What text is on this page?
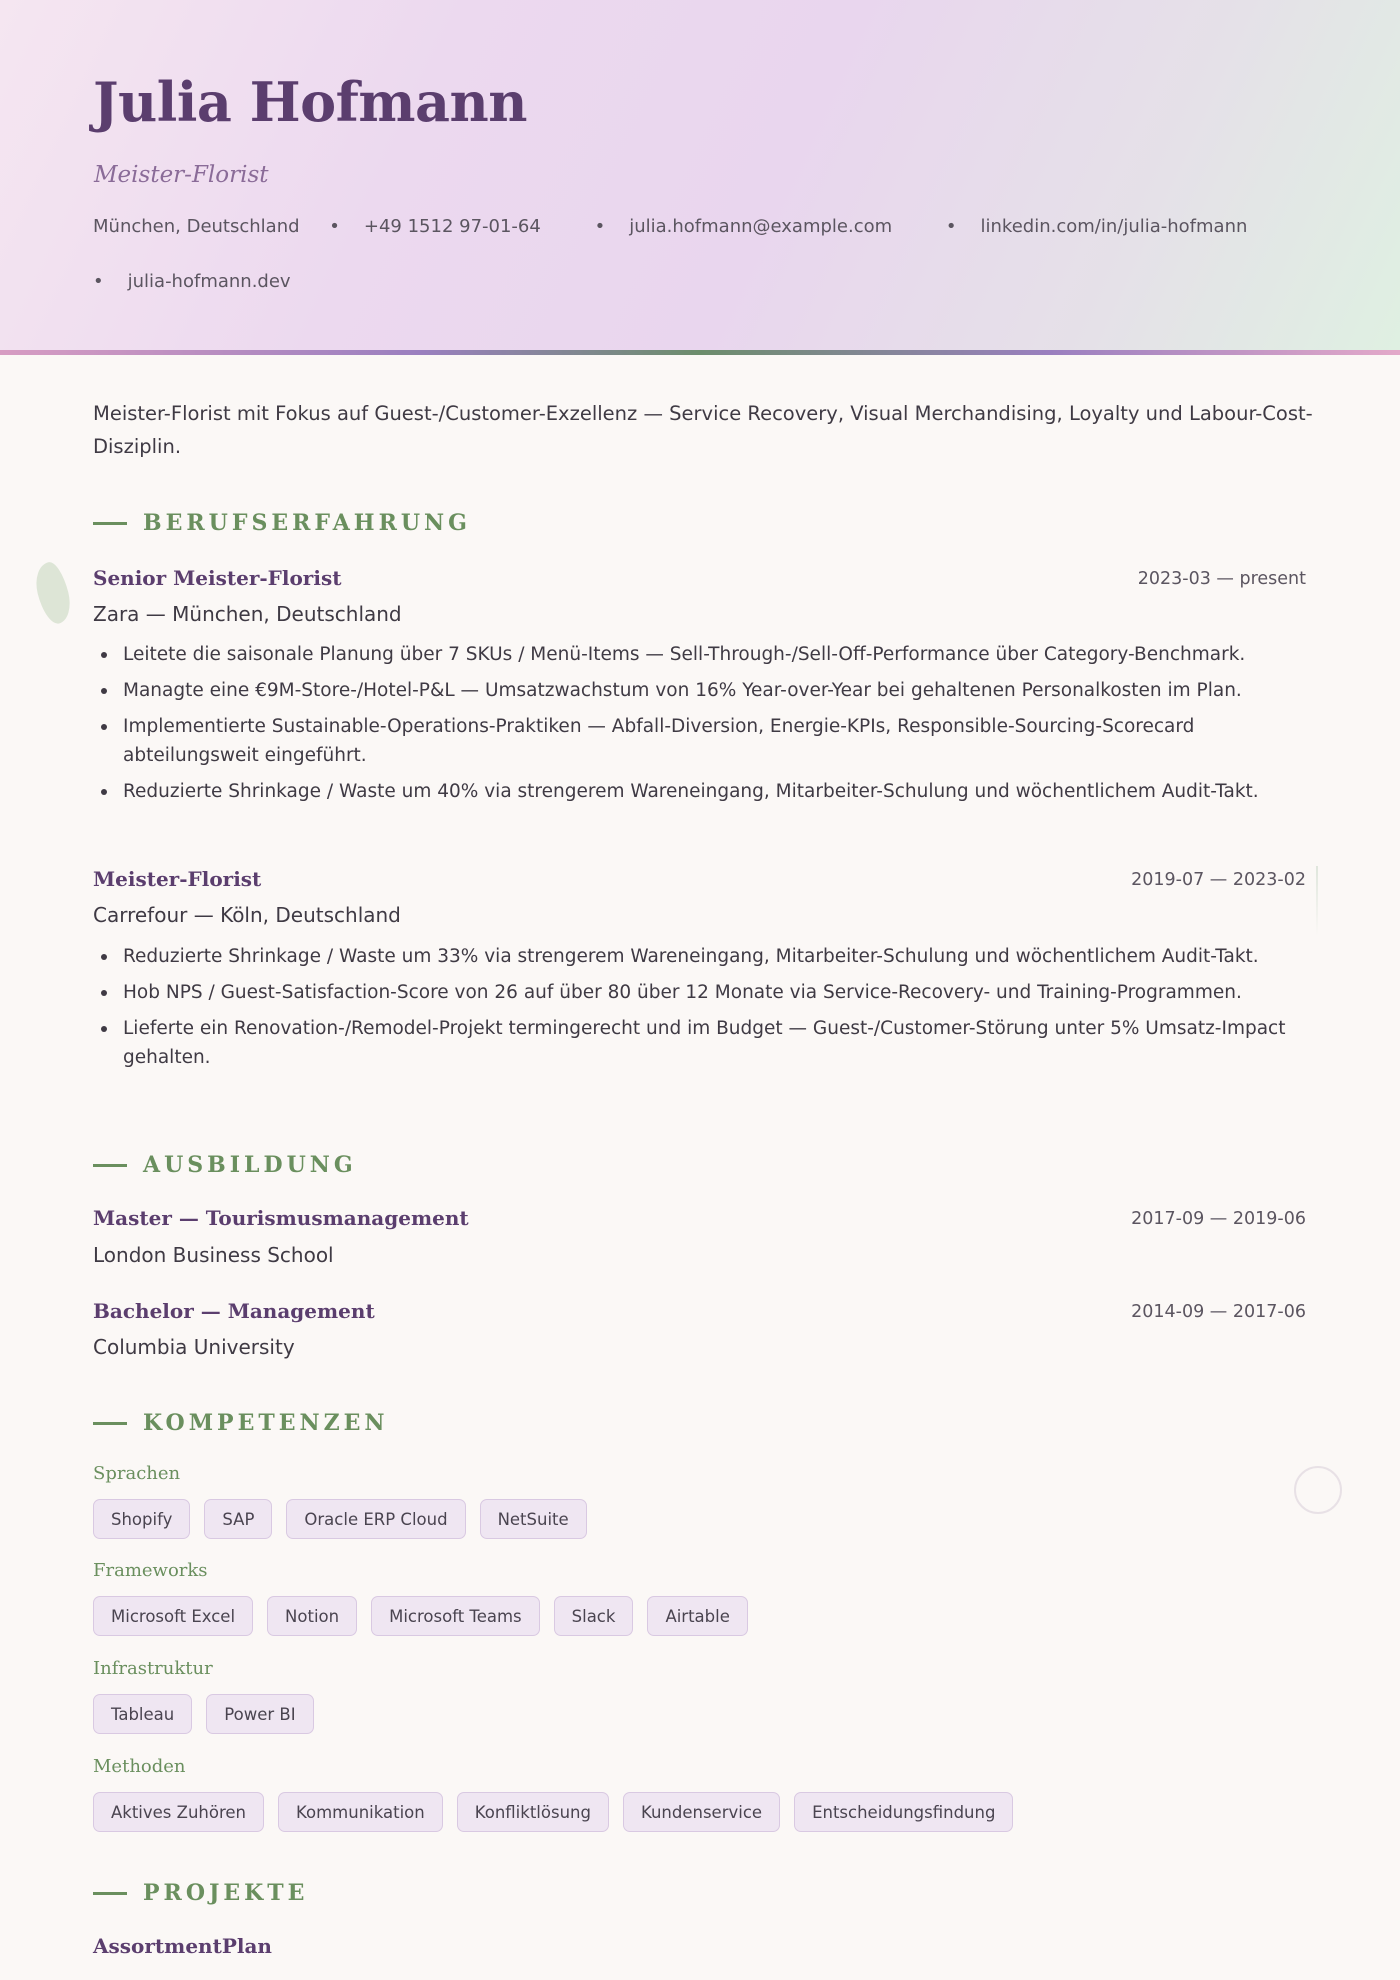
Julia Hofmann

Meister-Florist

München, Deutschland • +49 1512 97-01-64	• julia.hofmann@example.com	• linkedin.com/in/julia-hofmann
• julia-hofmann.dev

Meister-Florist mit Fokus auf Guest-/Customer-Exzellenz — Service Recovery, Visual Merchandising, Loyalty und Labour-Cost-Disziplin.

BERUFSERFAHRUNG
Senior Meister-Florist	2023-03 — present
Zara — München, Deutschland
Leitete die saisonale Planung über 7 SKUs / Menü-Items — Sell-Through-/Sell-Off-Performance über Category-Benchmark.
Managte eine €9M-Store-/Hotel-P&L — Umsatzwachstum von 16% Year-over-Year bei gehaltenen Personalkosten im Plan.
Implementierte Sustainable-Operations-Praktiken — Abfall-Diversion, Energie-KPIs, Responsible-Sourcing-Scorecard abteilungsweit eingeführt.
Reduzierte Shrinkage / Waste um 40% via strengerem Wareneingang, Mitarbeiter-Schulung und wöchentlichem Audit-Takt.
Meister-Florist	2019-07 — 2023-02
Carrefour — Köln, Deutschland
Reduzierte Shrinkage / Waste um 33% via strengerem Wareneingang, Mitarbeiter-Schulung und wöchentlichem Audit-Takt.
Hob NPS / Guest-Satisfaction-Score von 26 auf über 80 über 12 Monate via Service-Recovery- und Training-Programmen.
Lieferte ein Renovation-/Remodel-Projekt termingerecht und im Budget — Guest-/Customer-Störung unter 5% Umsatz-Impact gehalten.
AUSBILDUNG
Master — Tourismusmanagement	2017-09 — 2019-06
London Business School
Bachelor — Management	2014-09 — 2017-06
Columbia University
KOMPETENZEN
Sprachen
Shopify	SAP	Oracle ERP Cloud	NetSuite
Frameworks
Microsoft Excel	Notion	Microsoft Teams	Slack	Airtable
Infrastruktur
Tableau	Power BI
Methoden
Aktives Zuhören	Kommunikation	Konfliktlösung	Kundenservice	Entscheidungsfindung
PROJEKTE
AssortmentPlan
